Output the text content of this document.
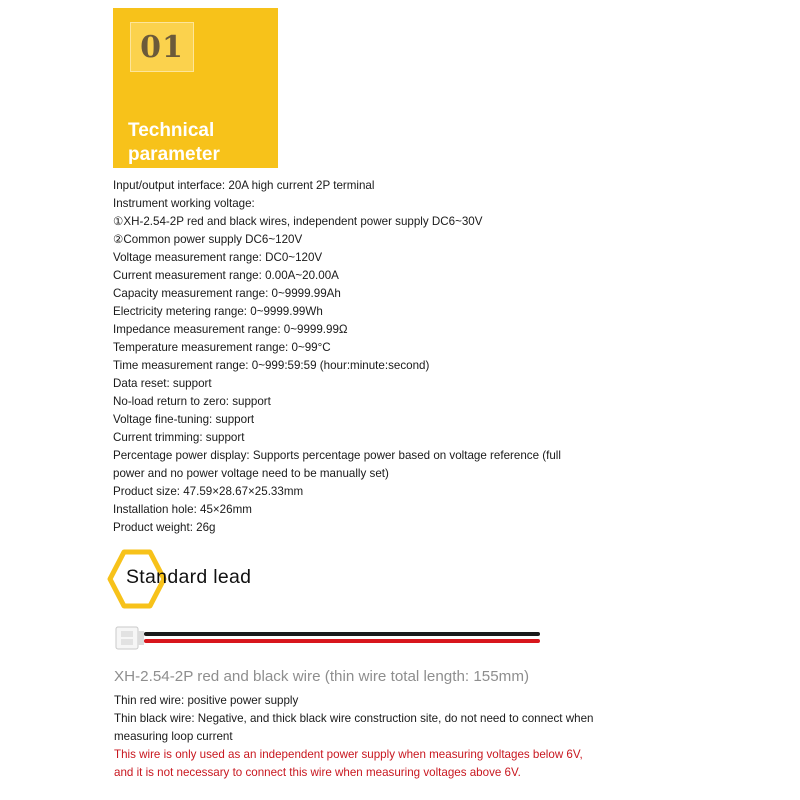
01
Technical
parameter
Input/output interface: 20A high current 2P terminal
Instrument working voltage:
①XH-2.54-2P red and black wires, independent power supply DC6~30V
②Common power supply DC6~120V
Voltage measurement range: DC0~120V
Current measurement range: 0.00A~20.00A
Capacity measurement range: 0~9999.99Ah
Electricity metering range: 0~9999.99Wh
Impedance measurement range: 0~9999.99Ω
Temperature measurement range: 0~99°C
Time measurement range: 0~999:59:59 (hour:minute:second)
Data reset: support
No-load return to zero: support
Voltage fine-tuning: support
Current trimming: support
Percentage power display: Supports percentage power based on voltage reference (full power and no power voltage need to be manually set)
Product size: 47.59×28.67×25.33mm
Installation hole: 45×26mm
Product weight: 26g
Standard lead
XH-2.54-2P red and black wire (thin wire total length: 155mm)
Thin red wire: positive power supply
Thin black wire: Negative, and thick black wire construction site, do not need to connect when measuring loop current
This wire is only used as an independent power supply when measuring voltages below 6V,
and it is not necessary to connect this wire when measuring voltages above 6V.
